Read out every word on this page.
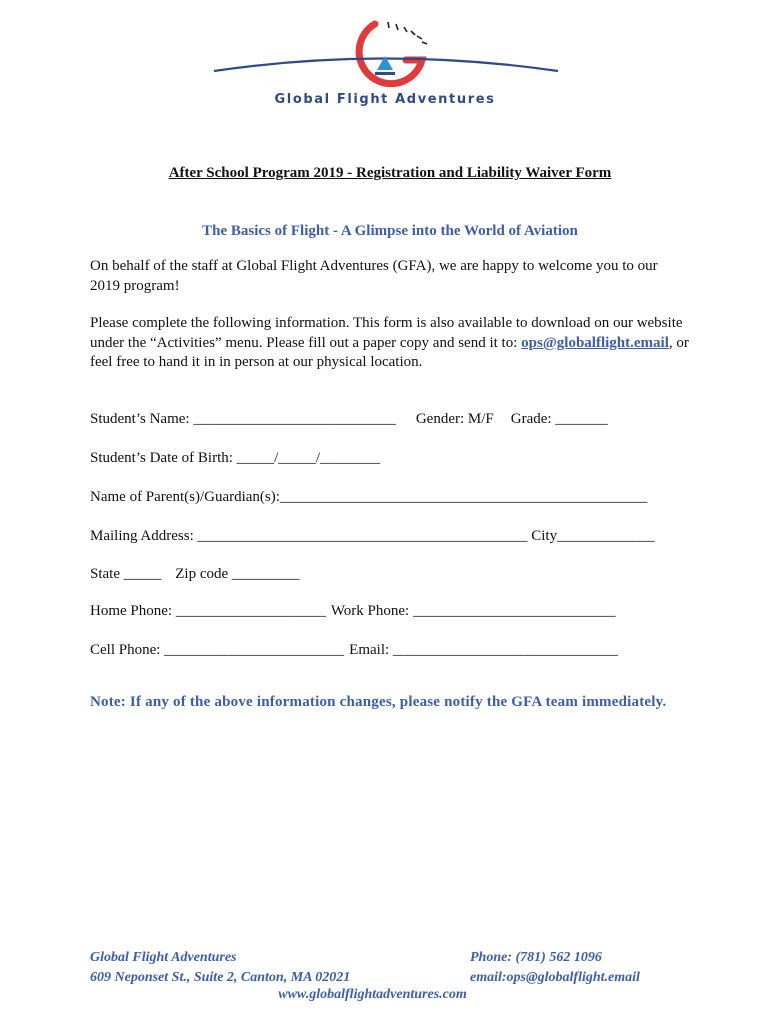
Global Flight Adventures

After School Program 2019 - Registration and Liability Waiver Form

The Basics of Flight - A Glimpse into the World of Aviation

On behalf of the staff at Global Flight Adventures (GFA), we are happy to welcome you to our 2019 program!

Please complete the following information. This form is also available to download on our website under the “Activities” menu. Please fill out a paper copy and send it to: ops@globalflight.email, or feel free to hand it in in person at our physical location.

Student’s Name: ___________________________ Gender: M/F Grade: _______

Student’s Date of Birth: _____/_____/________

Name of Parent(s)/Guardian(s):_________________________________________________

Mailing Address: ____________________________________________ City_____________

State _____ Zip code _________

Home Phone: ____________________ Work Phone: ___________________________

Cell Phone: ________________________ Email: ______________________________

Note: If any of the above information changes, please notify the GFA team immediately.

Global Flight Adventures
609 Neponset St., Suite 2, Canton, MA 02021
Phone: (781) 562 1096
email:ops@globalflight.email
www.globalflightadventures.com
